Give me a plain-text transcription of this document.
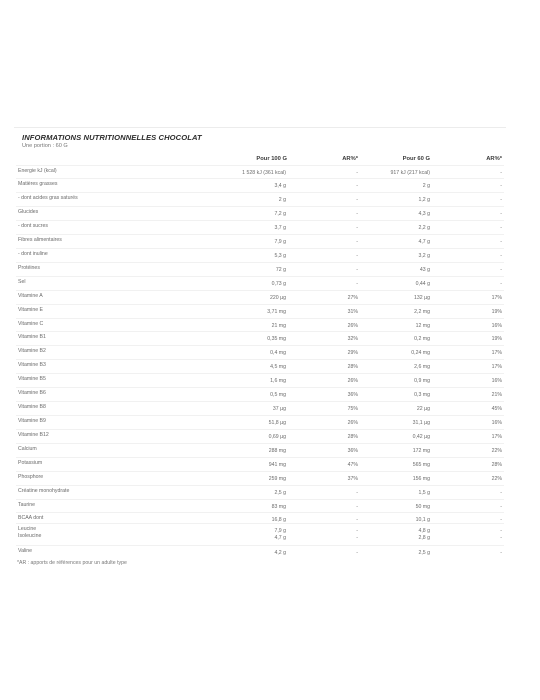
INFORMATIONS NUTRITIONNELLES CHOCOLAT
Une portion : 60 G
Pour 100 G	AR%*	Pour 60 G	AR%*
Energie kJ (kcal)	1 528 kJ (361 kcal)	-	917 kJ (217 kcal)	-
Matières grasses	3,4 g	-	2 g	-
- dont acides gras saturés	2 g	-	1,2 g	-
Glucides	7,2 g	-	4,3 g	-
- dont sucres	3,7 g	-	2,2 g	-
Fibres alimentaires	7,9 g	-	4,7 g	-
- dont inuline	5,3 g	-	3,2 g	-
Protéines	72 g	-	43 g	-
Sel	0,73 g	-	0,44 g	-
Vitamine A	220 µg	27%	132 µg	17%
Vitamine E	3,71 mg	31%	2,2 mg	19%
Vitamine C	21 mg	26%	12 mg	16%
Vitamine B1	0,35 mg	32%	0,2 mg	19%
Vitamine B2	0,4 mg	29%	0,24 mg	17%
Vitamine B3	4,5 mg	28%	2,6 mg	17%
Vitamine B5	1,6 mg	26%	0,9 mg	16%
Vitamine B6	0,5 mg	36%	0,3 mg	21%
Vitamine B8	37 µg	75%	22 µg	45%
Vitamine B9	51,8 µg	26%	31,1 µg	16%
Vitamine B12	0,69 µg	28%	0,42 µg	17%
Calcium	288 mg	36%	172 mg	22%
Potassium	941 mg	47%	565 mg	28%
Phosphore	259 mg	37%	156 mg	22%
Créatine monohydrate	2,5 g	-	1,5 g	-
Taurine	83 mg	-	50 mg	-
BCAA dont	16,8 g	-	10,1 g	-
Leucine	7,9 g	-	4,8 g	-
Isoleucine	4,7 g	-	2,8 g	-
Valine	4,2 g	-	2,5 g	-
*AR : apports de références pour un adulte type
